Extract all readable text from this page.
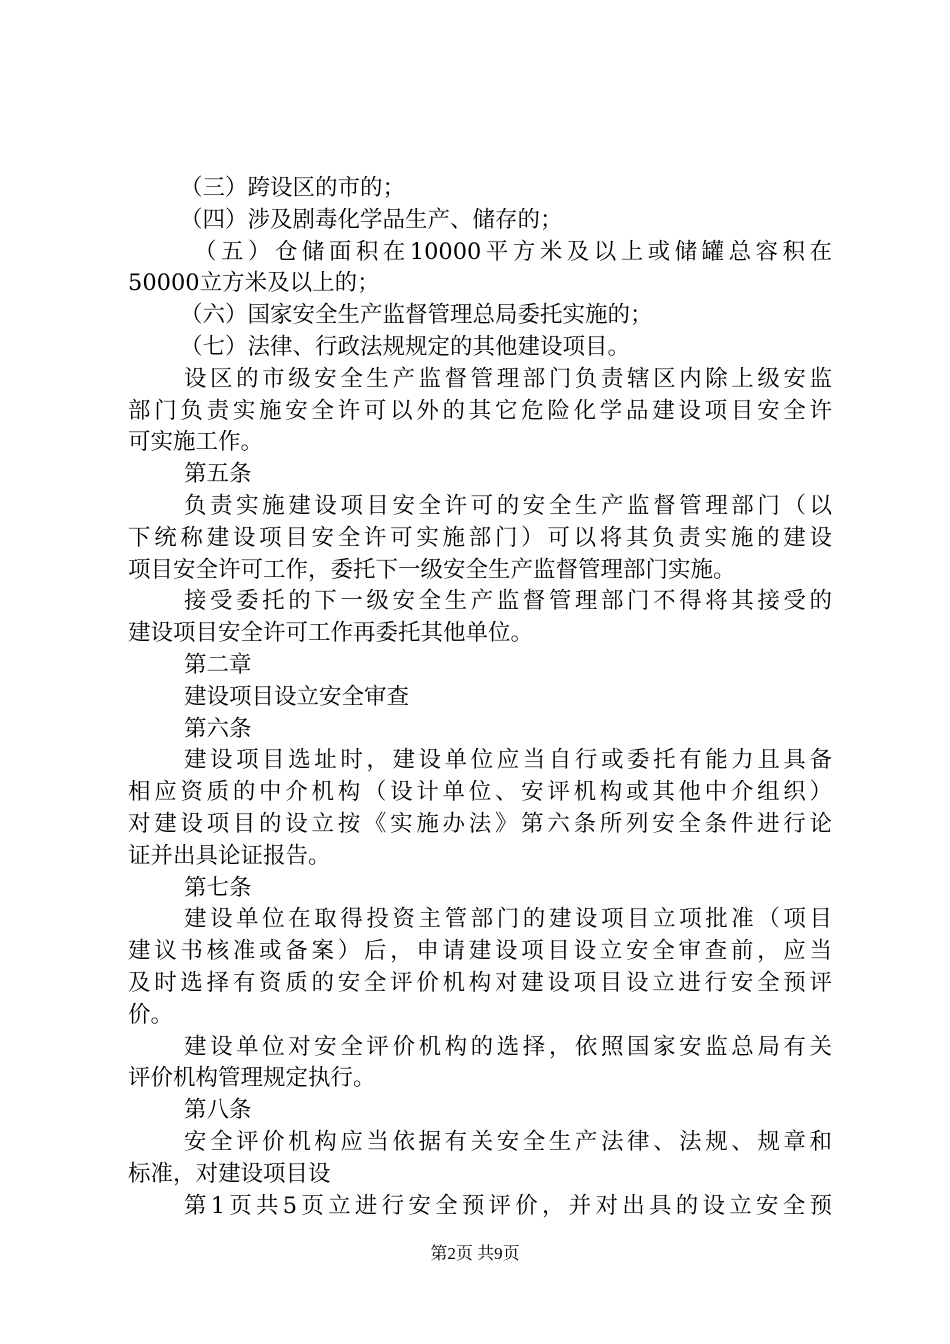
（三）跨设区的市的；
（四）涉及剧毒化学品生产、储存的；
（五）仓储面积在10000平方米及以上或储罐总容积在
50000立方米及以上的；
（六）国家安全生产监督管理总局委托实施的；
（七）法律、行政法规规定的其他建设项目。
设区的市级安全生产监督管理部门负责辖区内除上级安监
部门负责实施安全许可以外的其它危险化学品建设项目安全许
可实施工作。
第五条
负责实施建设项目安全许可的安全生产监督管理部门（以
下统称建设项目安全许可实施部门）可以将其负责实施的建设
项目安全许可工作，委托下一级安全生产监督管理部门实施。
接受委托的下一级安全生产监督管理部门不得将其接受的
建设项目安全许可工作再委托其他单位。
第二章
建设项目设立安全审查
第六条
建设项目选址时，建设单位应当自行或委托有能力且具备
相应资质的中介机构（设计单位、安评机构或其他中介组织）
对建设项目的设立按《实施办法》第六条所列安全条件进行论
证并出具论证报告。
第七条
建设单位在取得投资主管部门的建设项目立项批准（项目
建议书核准或备案）后，申请建设项目设立安全审查前，应当
及时选择有资质的安全评价机构对建设项目设立进行安全预评
价。
建设单位对安全评价机构的选择，依照国家安监总局有关
评价机构管理规定执行。
第八条
安全评价机构应当依据有关安全生产法律、法规、规章和
标准，对建设项目设
第1页共5页立进行安全预评价，并对出具的设立安全预
第2页 共9页
